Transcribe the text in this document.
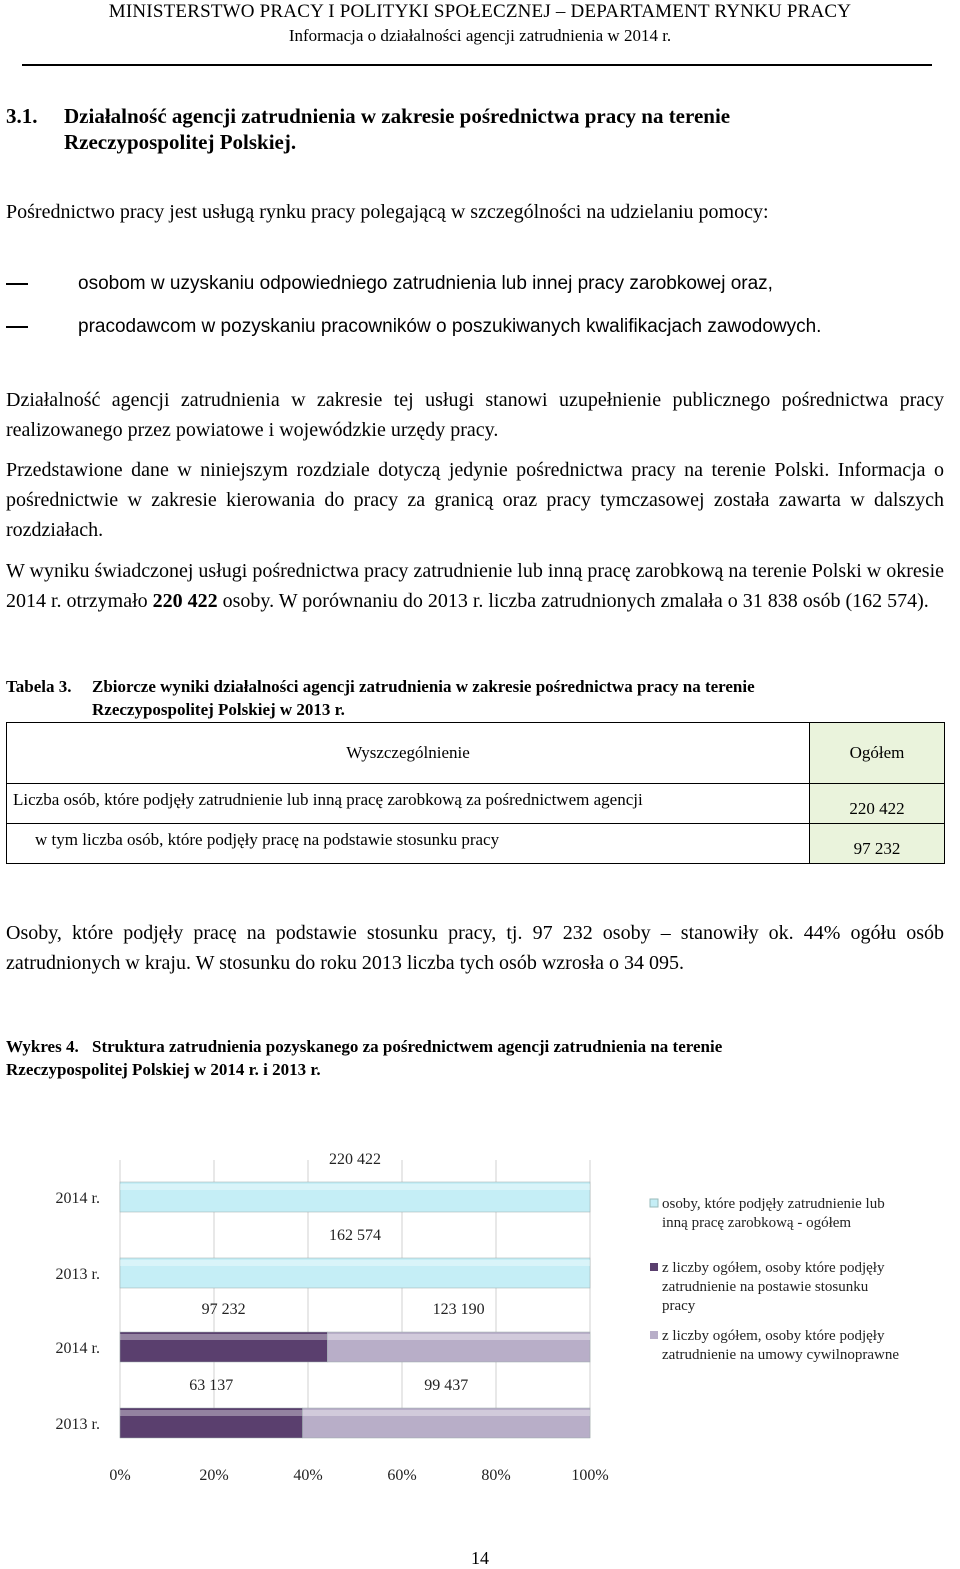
MINISTERSTWO PRACY I POLITYKI SPOŁECZNEJ – DEPARTAMENT RYNKU PRACY
Informacja o działalności agencji zatrudnienia w 2014 r.
3.1. Działalność agencji zatrudnienia w zakresie pośrednictwa pracy na terenie
Rzeczypospolitej Polskiej.
Pośrednictwo pracy jest usługą rynku pracy polegającą w szczególności na udzielaniu pomocy:
osobom w uzyskaniu odpowiedniego zatrudnienia lub innej pracy zarobkowej oraz,
pracodawcom w pozyskaniu pracowników o poszukiwanych kwalifikacjach zawodowych.
Działalność agencji zatrudnienia w zakresie tej usługi stanowi uzupełnienie publicznego pośrednictwa pracy realizowanego przez powiatowe i wojewódzkie urzędy pracy.
Przedstawione dane w niniejszym rozdziale dotyczą jedynie pośrednictwa pracy na terenie Polski. Informacja o pośrednictwie w zakresie kierowania do pracy za granicą oraz pracy tymczasowej została zawarta w dalszych rozdziałach.
W wyniku świadczonej usługi pośrednictwa pracy zatrudnienie lub inną pracę zarobkową na terenie Polski w okresie 2014 r. otrzymało 220 422 osoby. W porównaniu do 2013 r. liczba zatrudnionych zmalała o 31 838 osób (162 574).
Tabela 3. Zbiorcze wyniki działalności agencji zatrudnienia w zakresie pośrednictwa pracy na terenie
Rzeczypospolitej Polskiej w 2013 r.
Wyszczególnienie	Ogółem
Liczba osób, które podjęły zatrudnienie lub inną pracę zarobkową za pośrednictwem agencji	220 422
w tym liczba osób, które podjęły pracę na podstawie stosunku pracy	97 232
Osoby, które podjęły pracę na podstawie stosunku pracy, tj. 97 232 osoby – stanowiły ok. 44% ogółu osób zatrudnionych w kraju. W stosunku do roku 2013 liczba tych osób wzrosła o 34 095.
Wykres 4. Struktura zatrudnienia pozyskanego za pośrednictwem agencji zatrudnienia na terenie
Rzeczypospolitej Polskiej w 2014 r. i 2013 r.
0%	20%	40%	60%	80%	100%
2014 r.
220 422
2013 r.
162 574
2014 r.
97 232	123 190
2013 r.
63 137	99 437
osoby, które podjęły zatrudnienie lub
inną pracę zarobkową - ogółem
z liczby ogółem, osoby które podjęły
zatrudnienie na postawie stosunku
pracy
z liczby ogółem, osoby które podjęły
zatrudnienie na umowy cywilnoprawne
14
